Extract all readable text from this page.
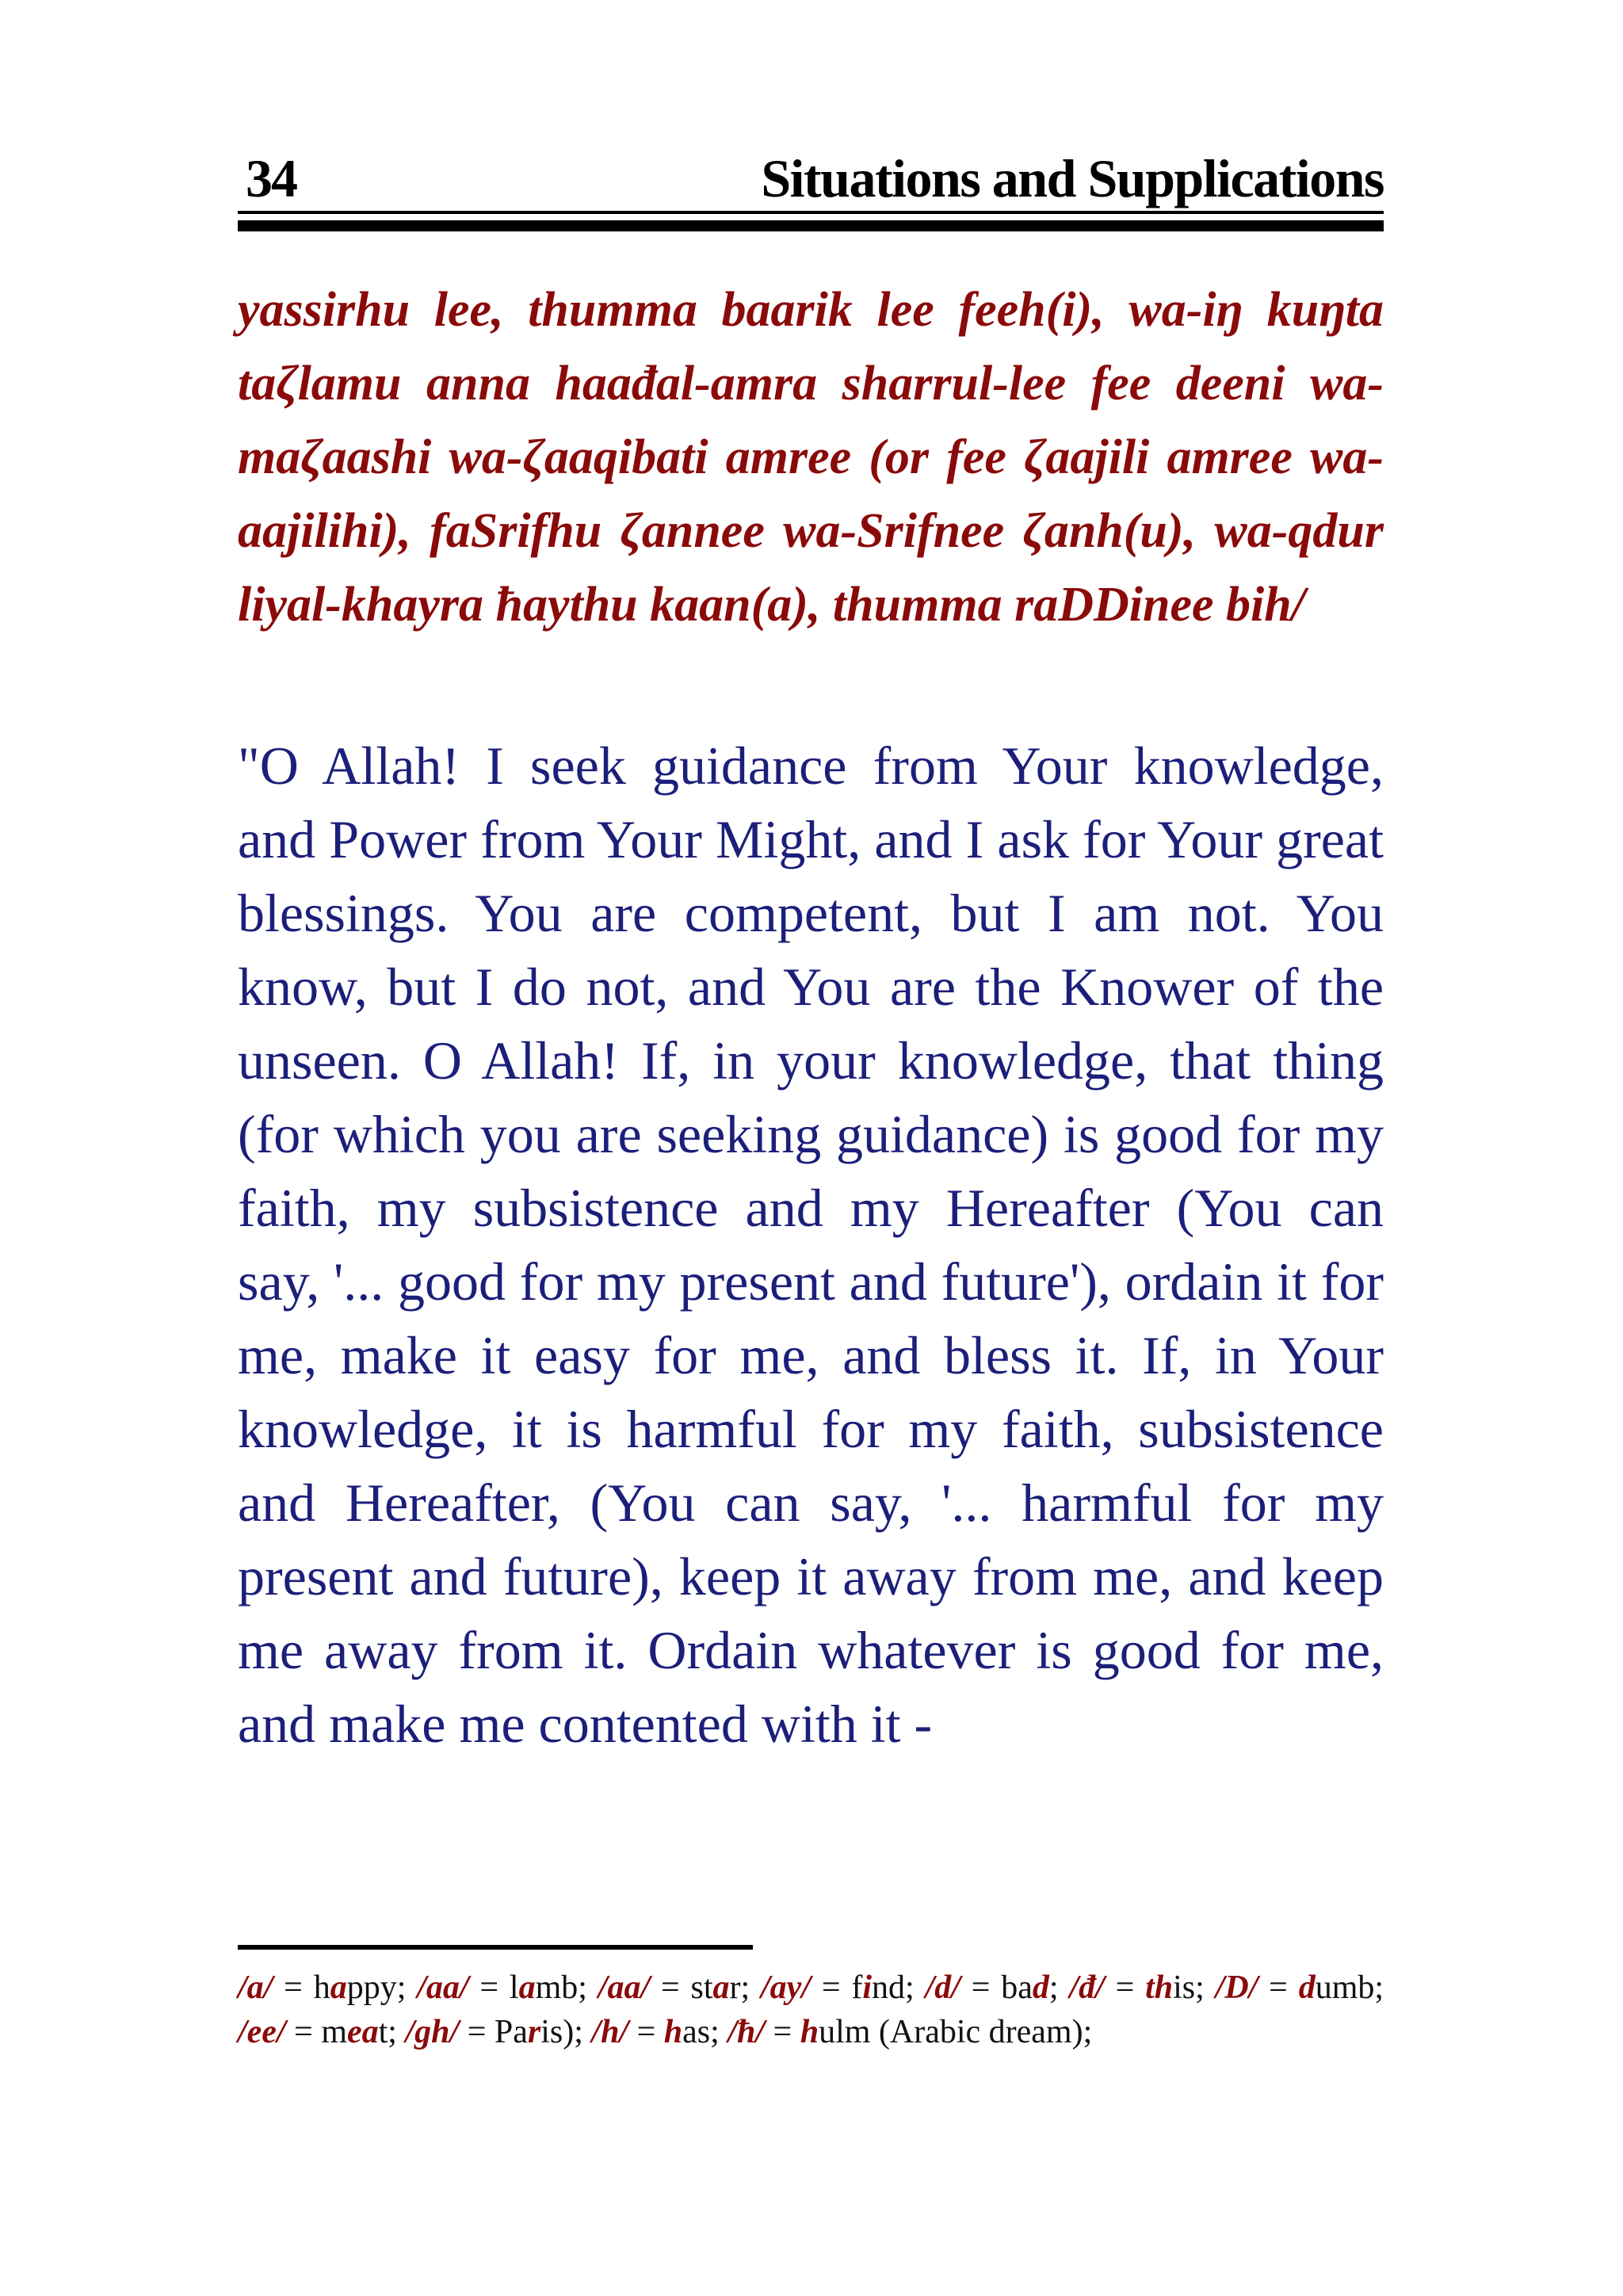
34	Situations and Supplications
yassirhu lee, thumma baarik lee feeh(i), wa-iŋ kuŋta taζlamu anna haađal-amra sharrul-lee fee deeni wa-maζaashi wa-ζaaqibati amree (or fee ζaajili amree wa-aajilihi), faSrifhu ζannee wa-Srifnee ζanh(u), wa-qdur liyal-khayra ħaythu kaan(a), thumma raDDinee bih/
"O Allah! I seek guidance from Your knowledge, and Power from Your Might, and I ask for Your great blessings. You are competent, but I am not. You know, but I do not, and You are the Knower of the unseen. O Allah! If, in your knowledge, that thing (for which you are seeking guidance) is good for my faith, my subsistence and my Hereafter (You can say, '... good for my present and future'), ordain it for me, make it easy for me, and bless it. If, in Your knowledge, it is harmful for my faith, subsistence and Hereafter, (You can say, '... harmful for my present and future), keep it away from me, and keep me away from it. Ordain whatever is good for me, and make me contented with it -
/a/ = happy; /aa/ = lamb; /aa/ = star; /ay/ = find; /d/ = bad; /đ/ = this; /D/ = dumb; /ee/ = meat; /gh/ = Paris); /h/ = has; /ħ/ = hulm (Arabic dream);
